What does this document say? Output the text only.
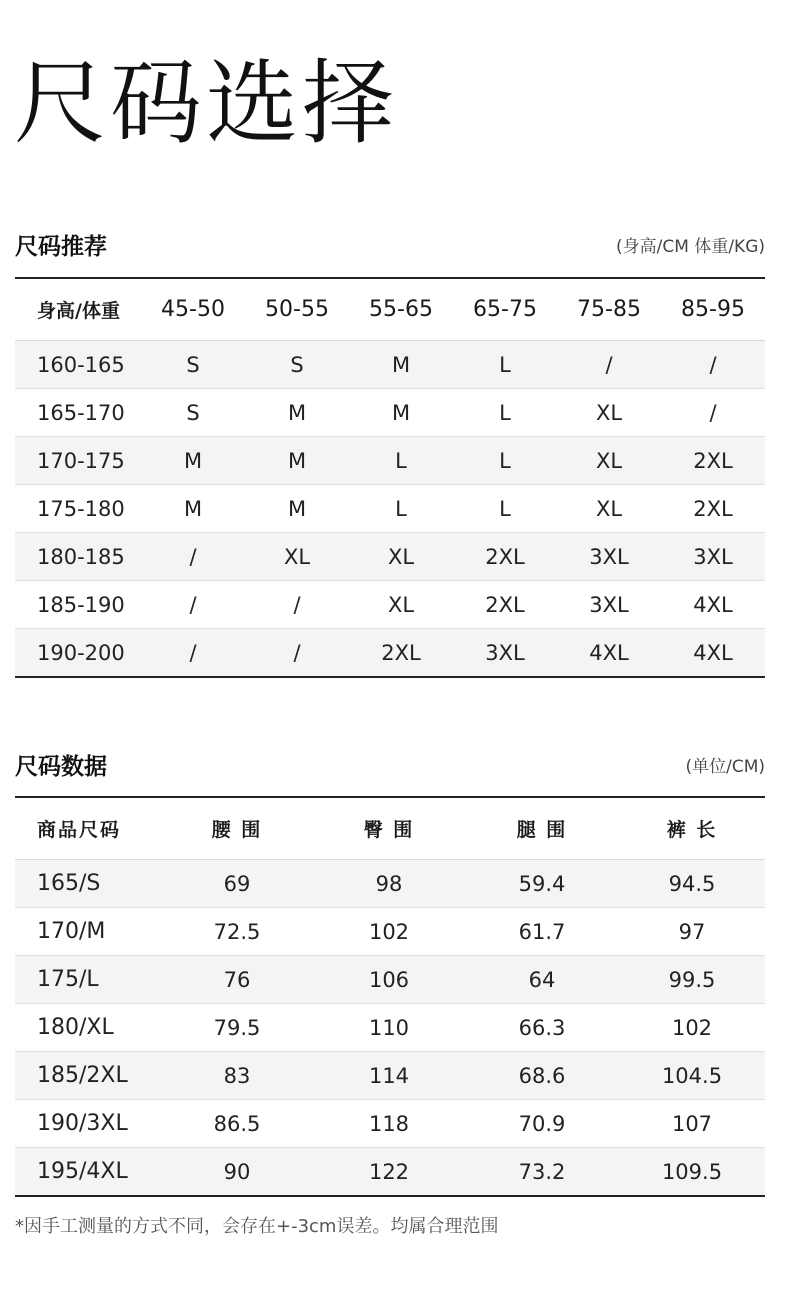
尺码选择
尺码推荐	(身高/CM 体重/KG)
身高/体重	45-50	50-55	55-65	65-75	75-85	85-95
160-165	S	S	M	L	/	/
165-170	S	M	M	L	XL	/
170-175	M	M	L	L	XL	2XL
175-180	M	M	L	L	XL	2XL
180-185	/	XL	XL	2XL	3XL	3XL
185-190	/	/	XL	2XL	3XL	4XL
190-200	/	/	2XL	3XL	4XL	4XL
尺码数据	(单位/CM)
商品尺码	腰 围	臀 围	腿 围	裤 长
165/S	69	98	59.4	94.5
170/M	72.5	102	61.7	97
175/L	76	106	64	99.5
180/XL	79.5	110	66.3	102
185/2XL	83	114	68.6	104.5
190/3XL	86.5	118	70.9	107
195/4XL	90	122	73.2	109.5
*因手工测量的方式不同，会存在+-3cm误差。均属合理范围
